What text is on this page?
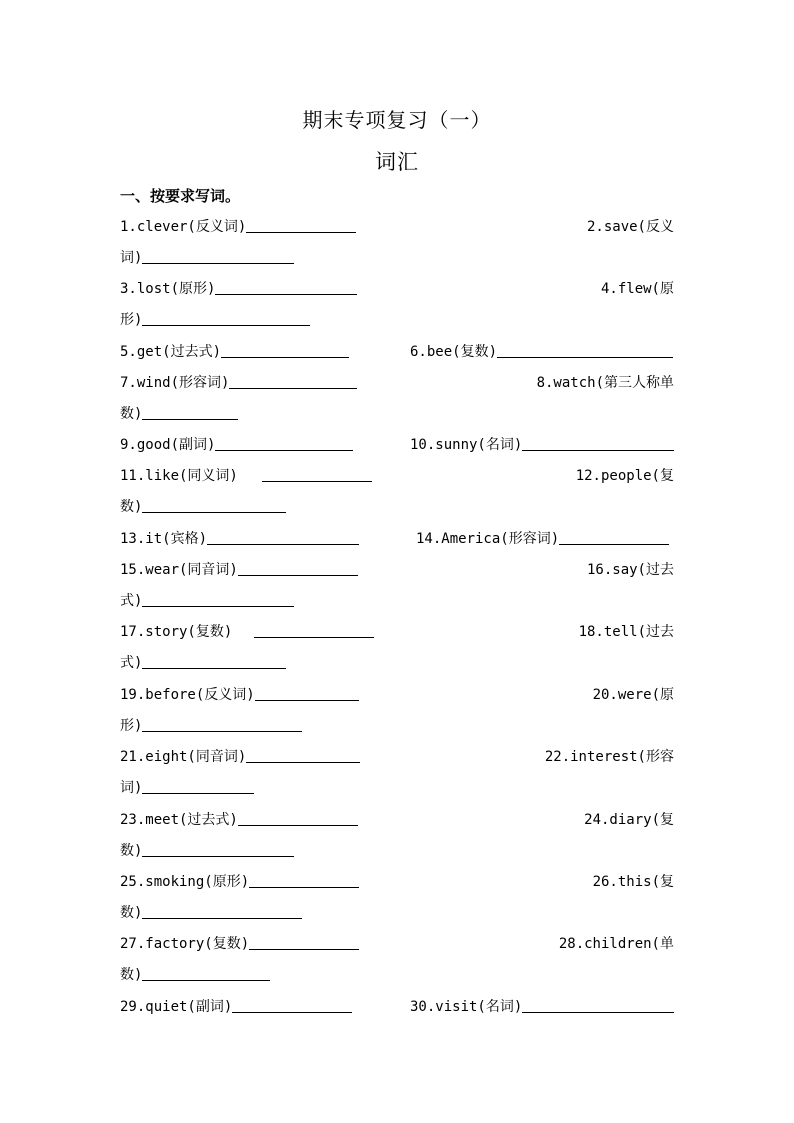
期末专项复习（一）
词汇
一、按要求写词。
1.clever(反义词)	2.save(反义
词)
3.lost(原形)	4.flew(原
形)
5.get(过去式)	6.bee(复数)
7.wind(形容词)	8.watch(第三人称单
数)
9.good(副词)	10.sunny(名词)
11.like(同义词)	12.people(复
数)
13.it(宾格)	14.America(形容词)
15.wear(同音词)	16.say(过去
式)
17.story(复数)	18.tell(过去
式)
19.before(反义词)	20.were(原
形)
21.eight(同音词)	22.interest(形容
词)
23.meet(过去式)	24.diary(复
数)
25.smoking(原形)	26.this(复
数)
27.factory(复数)	28.children(单
数)
29.quiet(副词)	30.visit(名词)
